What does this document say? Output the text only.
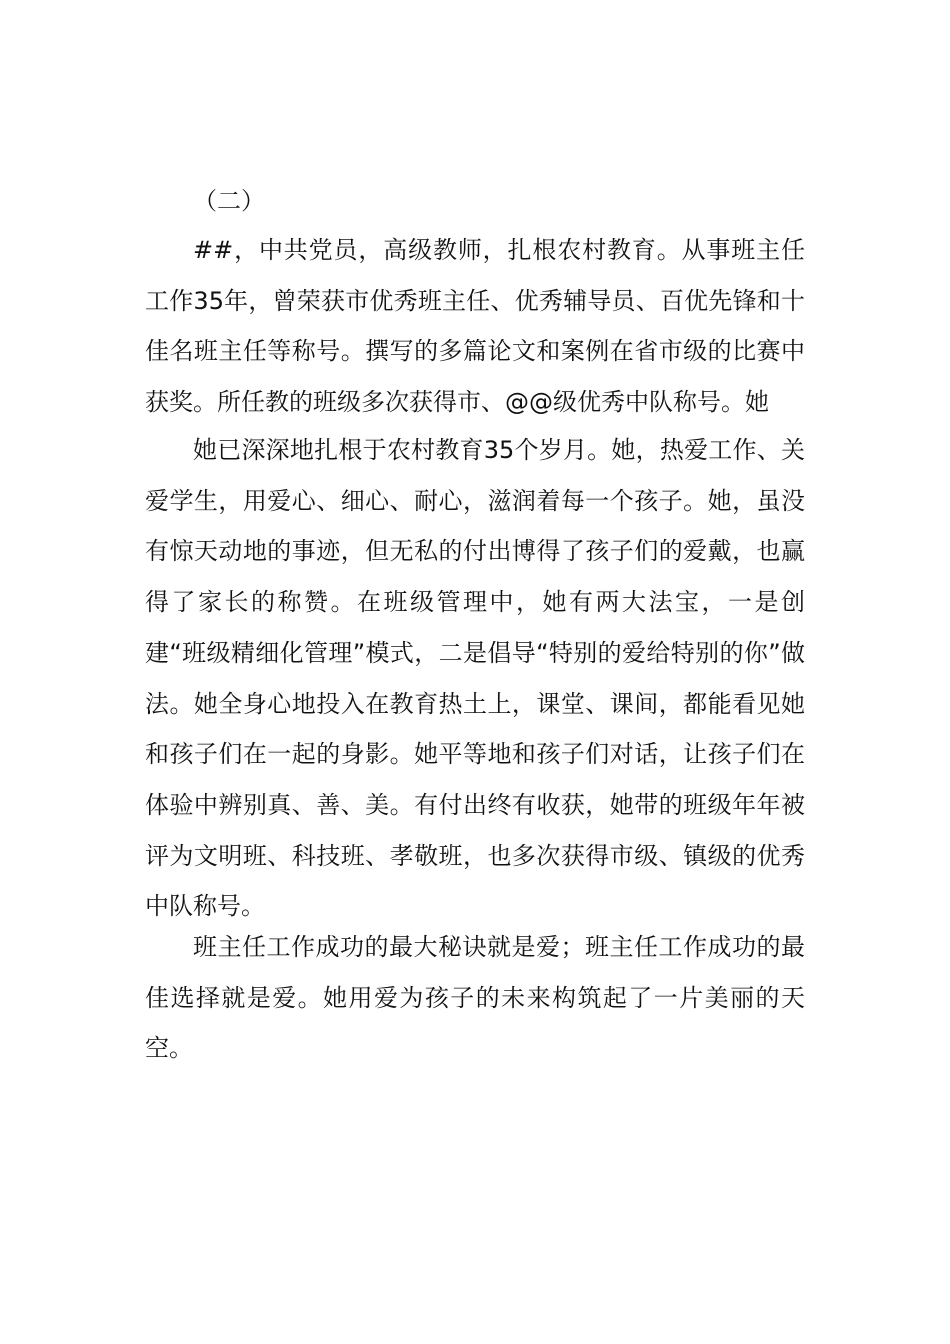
（二）

##，中共党员，高级教师，扎根农村教育。从事班主任工作35年，曾荣获市优秀班主任、优秀辅导员、百优先锋和十佳名班主任等称号。撰写的多篇论文和案例在省市级的比赛中获奖。所任教的班级多次获得市、@@级优秀中队称号。她

她已深深地扎根于农村教育35个岁月。她，热爱工作、关爱学生，用爱心、细心、耐心，滋润着每一个孩子。她，虽没有惊天动地的事迹，但无私的付出博得了孩子们的爱戴，也赢得了家长的称赞。在班级管理中，她有两大法宝，一是创建“班级精细化管理”模式，二是倡导“特别的爱给特别的你”做法。她全身心地投入在教育热土上，课堂、课间，都能看见她和孩子们在一起的身影。她平等地和孩子们对话，让孩子们在体验中辨别真、善、美。有付出终有收获，她带的班级年年被评为文明班、科技班、孝敬班，也多次获得市级、镇级的优秀中队称号。

班主任工作成功的最大秘诀就是爱；班主任工作成功的最佳选择就是爱。她用爱为孩子的未来构筑起了一片美丽的天空。
